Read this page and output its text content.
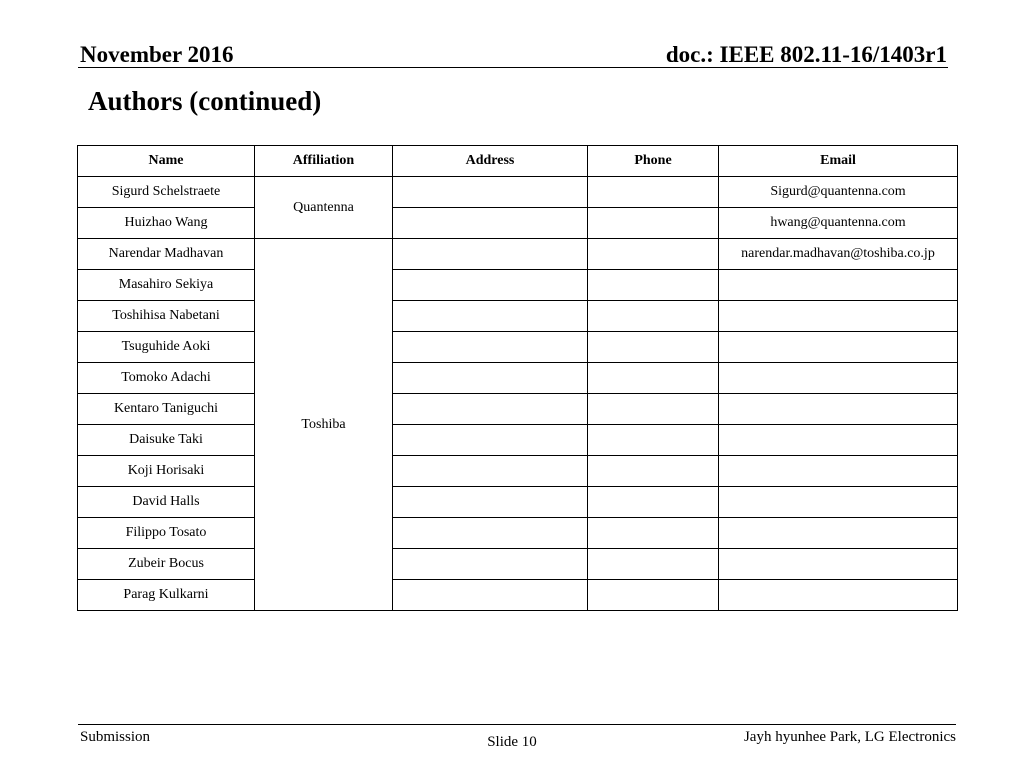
November 2016	doc.: IEEE 802.11-16/1403r1
Authors (continued)
Name	Affiliation	Address	Phone	Email
Sigurd Schelstraete	Quantenna			Sigurd@quantenna.com
Huizhao Wang				hwang@quantenna.com
Narendar Madhavan	Toshiba			narendar.madhavan@toshiba.co.jp
Masahiro Sekiya				
Toshihisa Nabetani				
Tsuguhide Aoki				
Tomoko Adachi				
Kentaro Taniguchi				
Daisuke Taki				
Koji Horisaki				
David Halls				
Filippo Tosato				
Zubeir Bocus				
Parag Kulkarni				
Submission	Slide 10	Jayh hyunhee Park, LG Electronics
